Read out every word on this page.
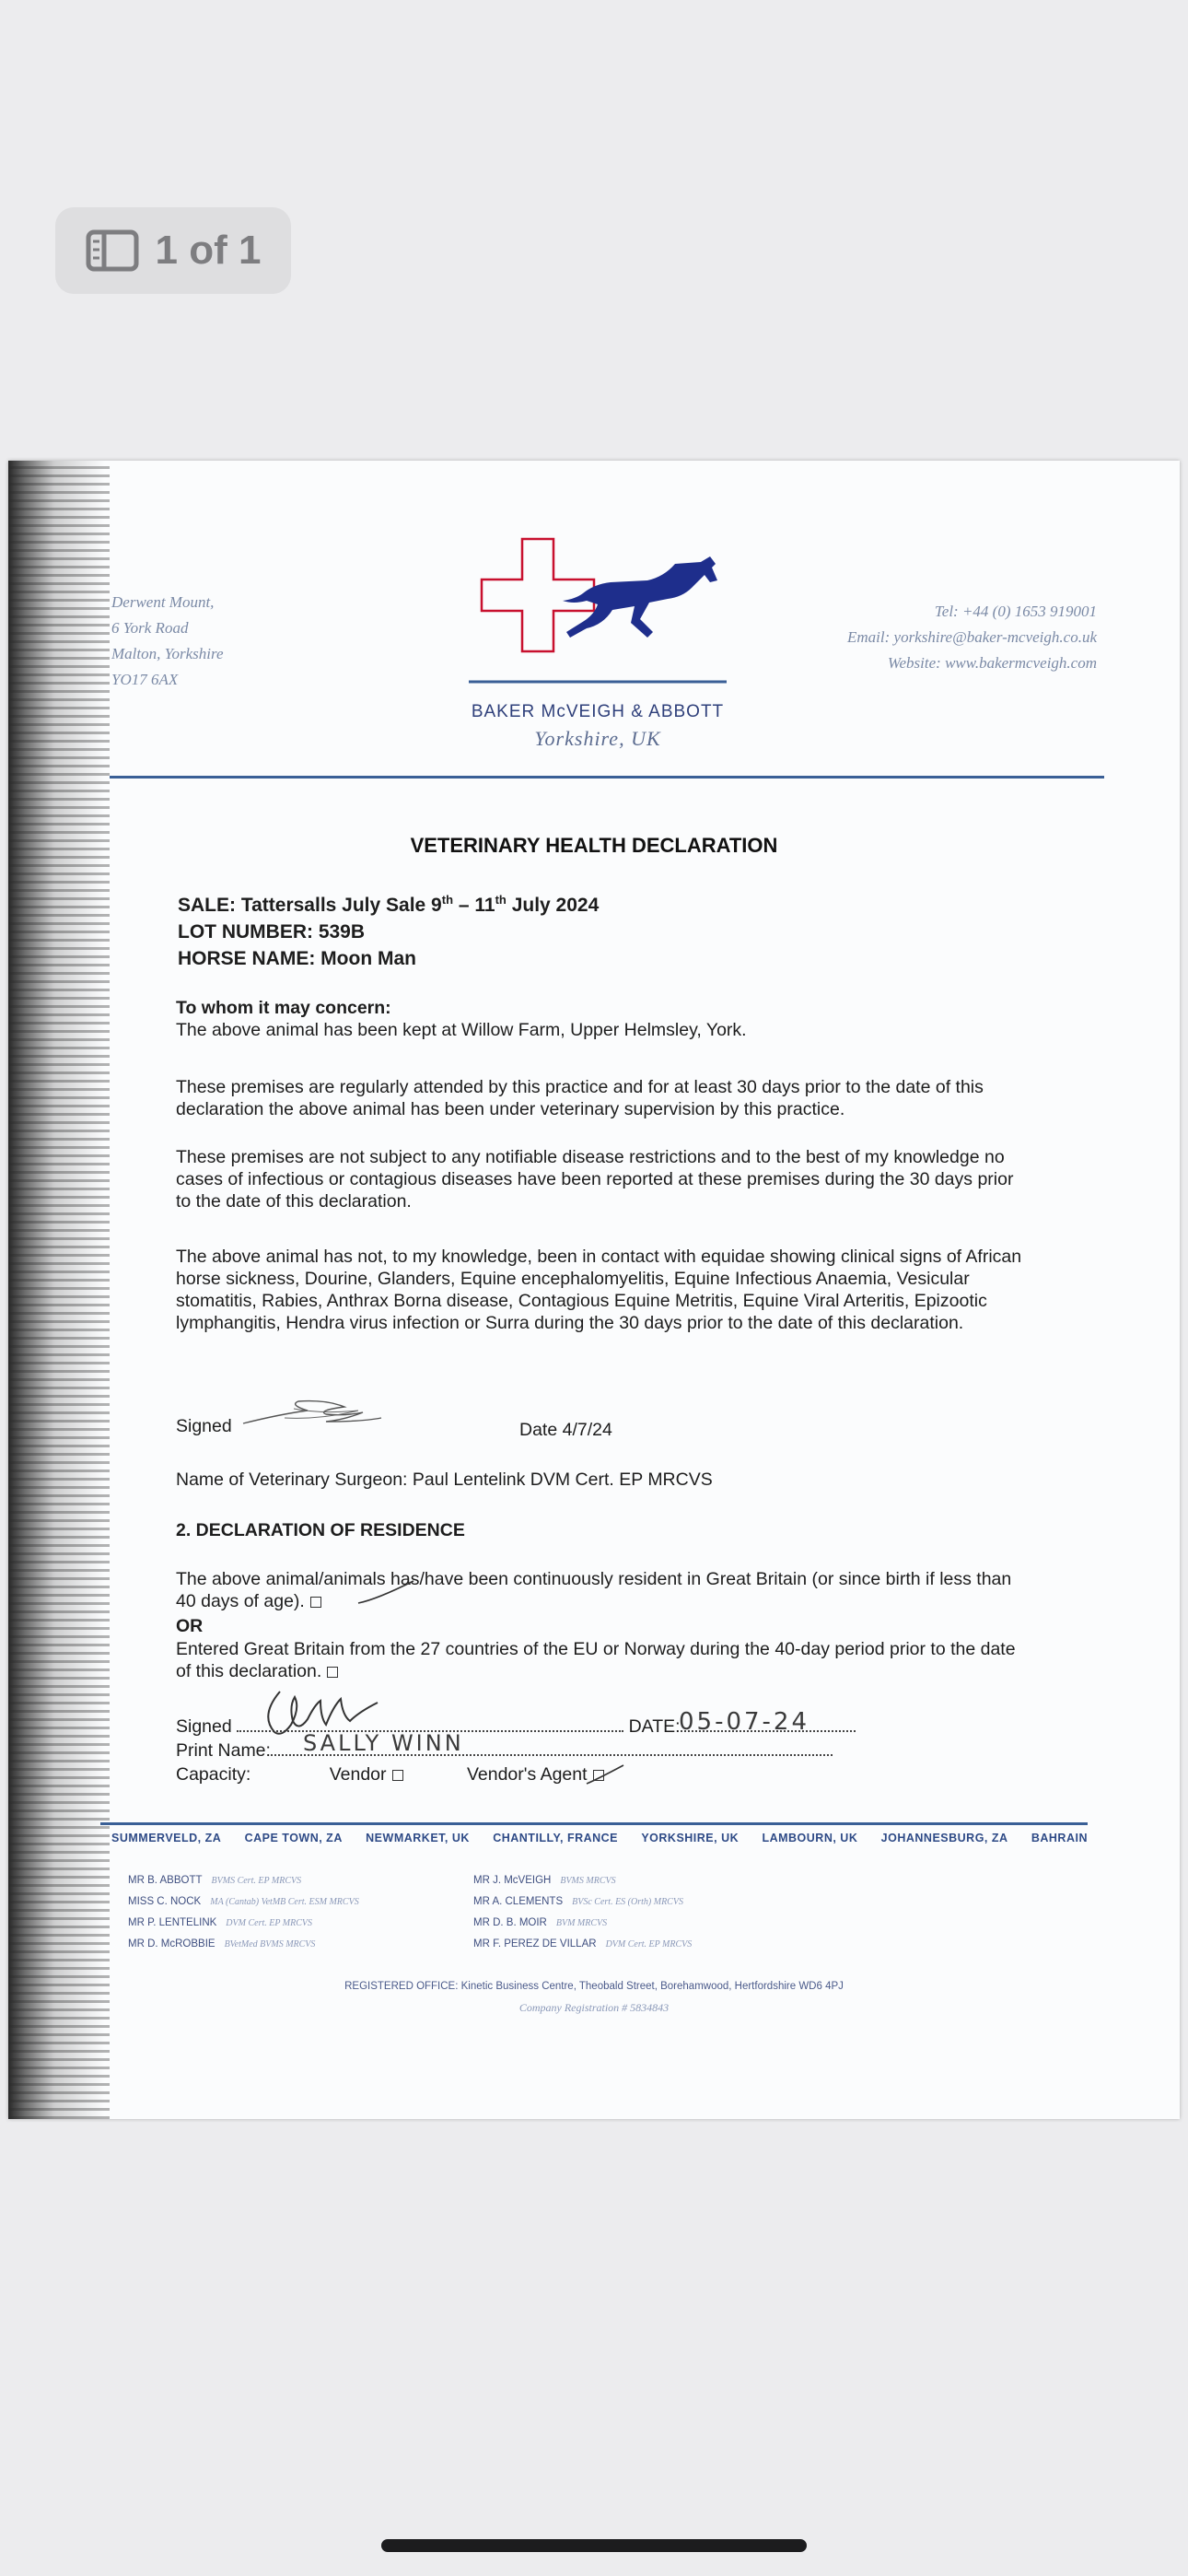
1 of 1
Derwent Mount,
6 York Road
Malton, Yorkshire
YO17 6AX
BAKER McVEIGH & ABBOTT
Yorkshire, UK
Tel: +44 (0) 1653 919001
Email: yorkshire@baker-mcveigh.co.uk
Website: www.bakermcveigh.com
VETERINARY HEALTH DECLARATION
SALE: Tattersalls July Sale 9th – 11th July 2024
LOT NUMBER: 539B
HORSE NAME: Moon Man
To whom it may concern:
The above animal has been kept at Willow Farm, Upper Helmsley, York.
These premises are regularly attended by this practice and for at least 30 days prior to the date of this declaration the above animal has been under veterinary supervision by this practice.
These premises are not subject to any notifiable disease restrictions and to the best of my knowledge no cases of infectious or contagious diseases have been reported at these premises during the 30 days prior to the date of this declaration.
The above animal has not, to my knowledge, been in contact with equidae showing clinical signs of African horse sickness, Dourine, Glanders, Equine encephalomyelitis, Equine Infectious Anaemia, Vesicular stomatitis, Rabies, Anthrax Borna disease, Contagious Equine Metritis, Equine Viral Arteritis, Epizootic lymphangitis, Hendra virus infection or Surra during the 30 days prior to the date of this declaration.
Signed	Date 4/7/24
Name of Veterinary Surgeon: Paul Lentelink DVM Cert. EP MRCVS
2. DECLARATION OF RESIDENCE
The above animal/animals has/have been continuously resident in Great Britain (or since birth if less than 40 days of age).
OR
Entered Great Britain from the 27 countries of the EU or Norway during the 40-day period prior to the date of this declaration.
Signed	DATE:
05-07-24
Print Name:	SALLY WINN
Capacity:	Vendor	Vendor's Agent
SUMMERVELD, ZA CAPE TOWN, ZA NEWMARKET, UK CHANTILLY, FRANCE YORKSHIRE, UK LAMBOURN, UK JOHANNESBURG, ZA BAHRAIN
MR B. ABBOTT BVMS Cert. EP MRCVS
MISS C. NOCK MA (Cantab) VetMB Cert. ESM MRCVS
MR P. LENTELINK DVM Cert. EP MRCVS
MR D. McROBBIE BVetMed BVMS MRCVS
MR J. McVEIGH BVMS MRCVS
MR A. CLEMENTS BVSc Cert. ES (Orth) MRCVS
MR D. B. MOIR BVM MRCVS
MR F. PEREZ DE VILLAR DVM Cert. EP MRCVS
REGISTERED OFFICE: Kinetic Business Centre, Theobald Street, Borehamwood, Hertfordshire WD6 4PJ
Company Registration # 5834843
